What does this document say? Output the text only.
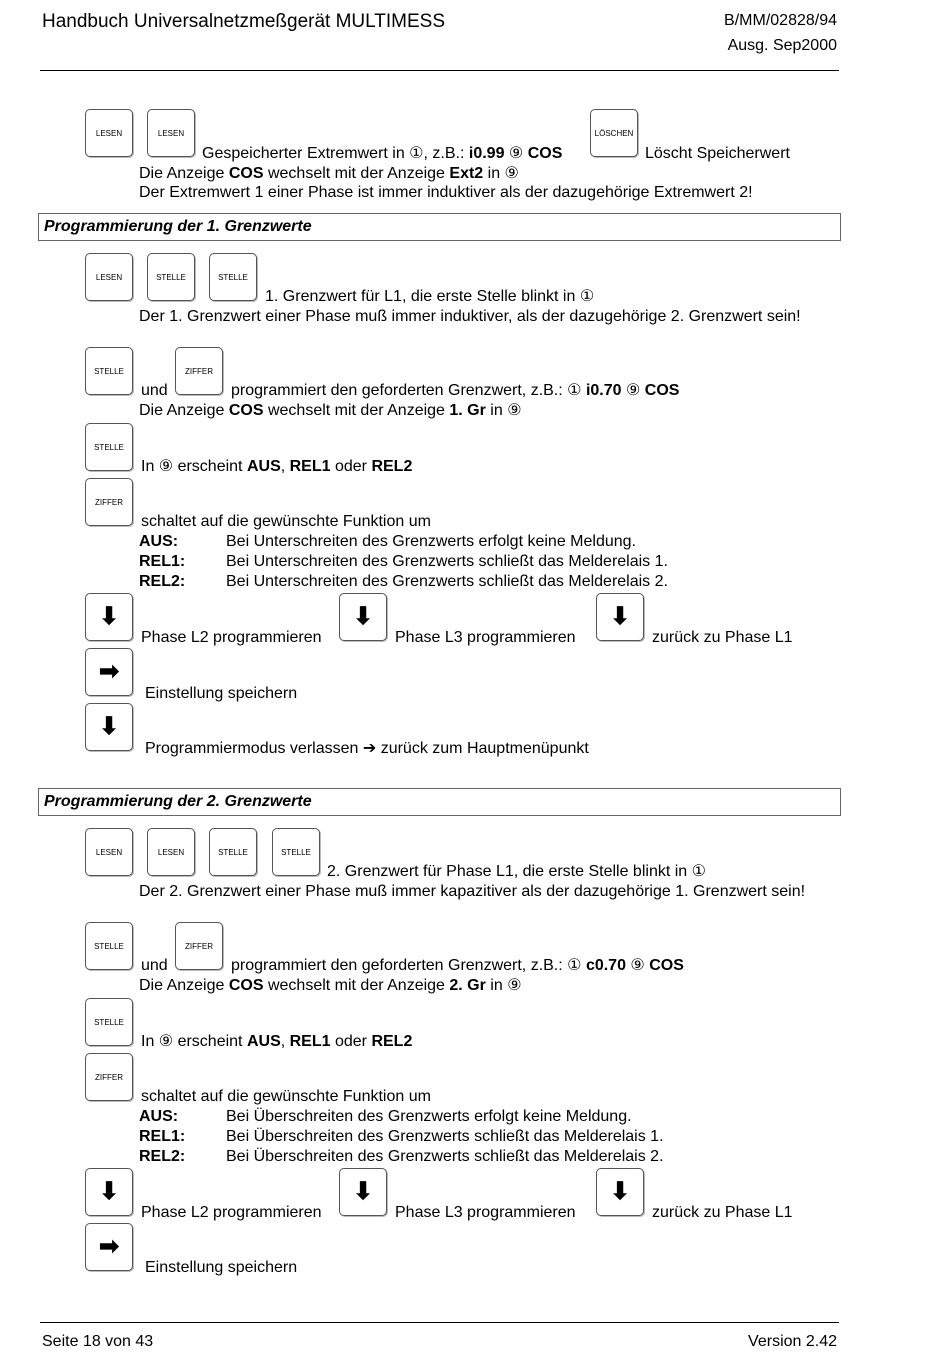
Handbuch Universalnetzmeßgerät MULTIMESS	B/MM/02828/94
Ausg. Sep2000
LESEN	LESEN
Gespeicherter Extremwert in ①, z.B.: i0.99 ⑨ COS
LÖSCHEN
Löscht Speicherwert
Die Anzeige COS wechselt mit der Anzeige Ext2 in ⑨
Der Extremwert 1 einer Phase ist immer induktiver als der dazugehörige Extremwert 2!
Programmierung der 1. Grenzwerte
LESEN	STELLE	STELLE
1. Grenzwert für L1, die erste Stelle blinkt in ①
Der 1. Grenzwert einer Phase muß immer induktiver, als der dazugehörige 2. Grenzwert sein!
STELLE
und
ZIFFER
programmiert den geforderten Grenzwert, z.B.: ① i0.70 ⑨ COS
Die Anzeige COS wechselt mit der Anzeige 1. Gr in ⑨
STELLE
In ⑨ erscheint AUS, REL1 oder REL2
ZIFFER
schaltet auf die gewünschte Funktion um
AUS:	Bei Unterschreiten des Grenzwerts erfolgt keine Meldung.
REL1:	Bei Unterschreiten des Grenzwerts schließt das Melderelais 1.
REL2:	Bei Unterschreiten des Grenzwerts schließt das Melderelais 2.
⬇
Phase L2 programmieren
⬇
Phase L3 programmieren
⬇
zurück zu Phase L1
➡
Einstellung speichern
⬇
Programmiermodus verlassen ➔ zurück zum Hauptmenüpunkt
Programmierung der 2. Grenzwerte
LESEN	LESEN	STELLE	STELLE
2. Grenzwert für Phase L1, die erste Stelle blinkt in ①
Der 2. Grenzwert einer Phase muß immer kapazitiver als der dazugehörige 1. Grenzwert sein!
STELLE
und
ZIFFER
programmiert den geforderten Grenzwert, z.B.: ① c0.70 ⑨ COS
Die Anzeige COS wechselt mit der Anzeige 2. Gr in ⑨
STELLE
In ⑨ erscheint AUS, REL1 oder REL2
ZIFFER
schaltet auf die gewünschte Funktion um
AUS:	Bei Überschreiten des Grenzwerts erfolgt keine Meldung.
REL1:	Bei Überschreiten des Grenzwerts schließt das Melderelais 1.
REL2:	Bei Überschreiten des Grenzwerts schließt das Melderelais 2.
⬇
Phase L2 programmieren
⬇
Phase L3 programmieren
⬇
zurück zu Phase L1
➡
Einstellung speichern
Seite 18 von 43	Version 2.42
